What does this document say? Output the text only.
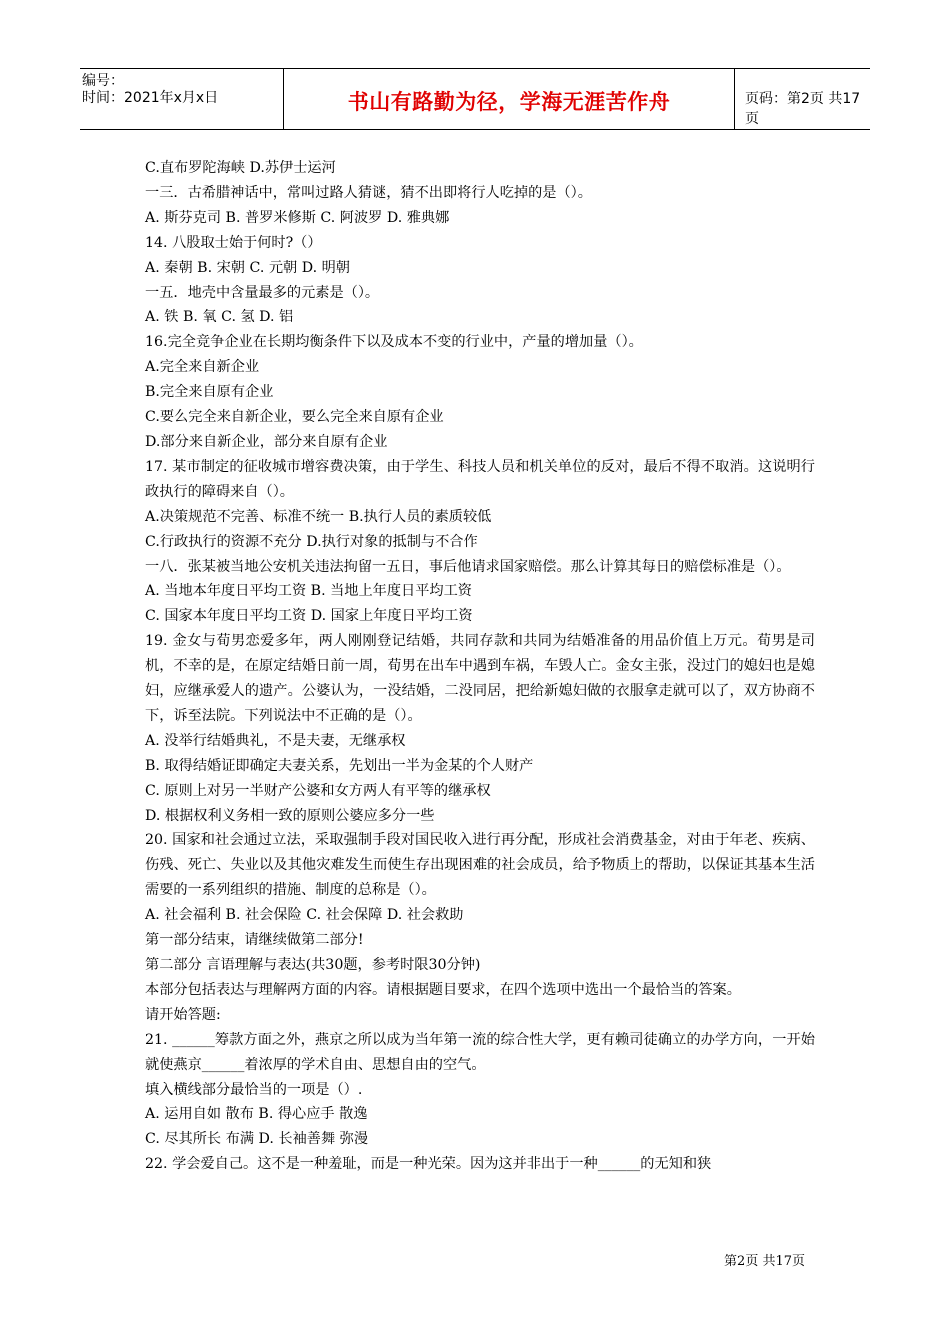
编号：
时间：2021年x月x日	书山有路勤为径，学海无涯苦作舟	页码：第2页 共17页

C.直布罗陀海峡 D.苏伊士运河

一三．古希腊神话中，常叫过路人猜谜，猜不出即将行人吃掉的是（）。

A. 斯芬克司 B. 普罗米修斯 C. 阿波罗 D. 雅典娜

14. 八股取士始于何时?（）

A. 秦朝 B. 宋朝 C. 元朝 D. 明朝

一五．地壳中含量最多的元素是（）。

A. 铁 B. 氧 C. 氢 D. 铝

16.完全竞争企业在长期均衡条件下以及成本不变的行业中，产量的增加量（）。

A.完全来自新企业

B.完全来自原有企业

C.要么完全来自新企业，要么完全来自原有企业

D.部分来自新企业，部分来自原有企业

17. 某市制定的征收城市增容费决策，由于学生、科技人员和机关单位的反对，最后不得不取消。这说明行政执行的障碍来自（）。

A.决策规范不完善、标准不统一 B.执行人员的素质较低

C.行政执行的资源不充分 D.执行对象的抵制与不合作

一八．张某被当地公安机关违法拘留一五日，事后他请求国家赔偿。那么计算其每日的赔偿标准是（）。

A. 当地本年度日平均工资 B. 当地上年度日平均工资

C. 国家本年度日平均工资 D. 国家上年度日平均工资

19. 金女与荀男恋爱多年，两人刚刚登记结婚，共同存款和共同为结婚准备的用品价值上万元。荀男是司机，不幸的是，在原定结婚日前一周，荀男在出车中遇到车祸，车毁人亡。金女主张，没过门的媳妇也是媳妇，应继承爱人的遗产。公婆认为，一没结婚，二没同居，把给新媳妇做的衣服拿走就可以了，双方协商不下，诉至法院。下列说法中不正确的是（）。

A. 没举行结婚典礼，不是夫妻，无继承权

B. 取得结婚证即确定夫妻关系，先划出一半为金某的个人财产

C. 原则上对另一半财产公婆和女方两人有平等的继承权

D. 根据权利义务相一致的原则公婆应多分一些

20. 国家和社会通过立法，采取强制手段对国民收入进行再分配，形成社会消费基金，对由于年老、疾病、伤残、死亡、失业以及其他灾难发生而使生存出现困难的社会成员，给予物质上的帮助，以保证其基本生活需要的一系列组织的措施、制度的总称是（）。

A. 社会福利 B. 社会保险 C. 社会保障 D. 社会救助

第一部分结束，请继续做第二部分!

第二部分 言语理解与表达(共30题，参考时限30分钟)

本部分包括表达与理解两方面的内容。请根据题目要求，在四个选项中选出一个最恰当的答案。

请开始答题:

21. ______筹款方面之外，燕京之所以成为当年第一流的综合性大学，更有赖司徒确立的办学方向，一开始就使燕京______着浓厚的学术自由、思想自由的空气。

填入横线部分最恰当的一项是（）.

A. 运用自如 散布 B. 得心应手 散逸

C. 尽其所长 布满 D. 长袖善舞 弥漫

22. 学会爱自己。这不是一种羞耻，而是一种光荣。因为这并非出于一种______的无知和狭

第2页 共17页
